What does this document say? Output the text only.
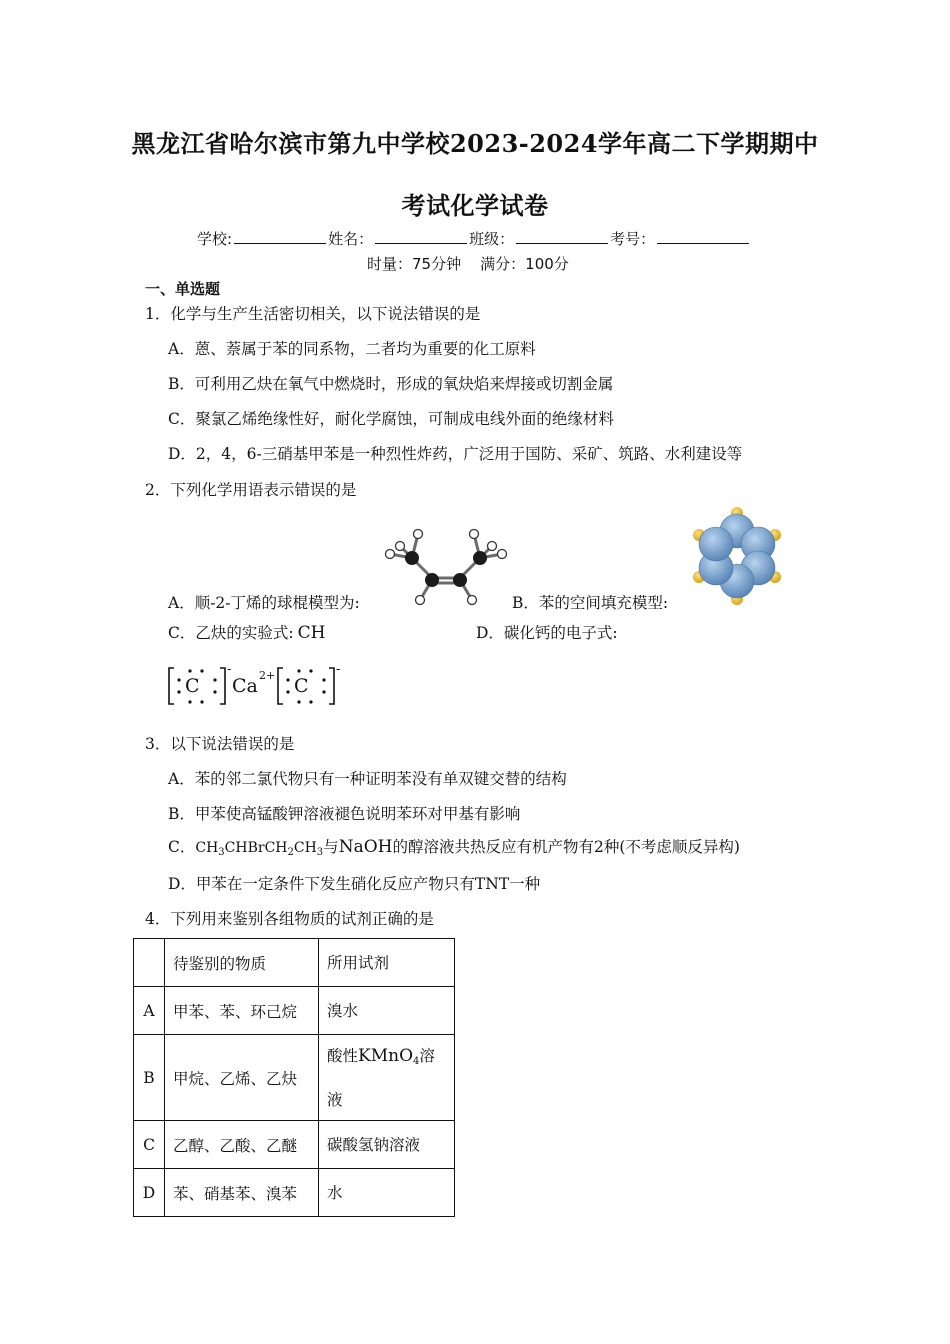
黑龙江省哈尔滨市第九中学校2023-2024学年高二下学期期中
考试化学试卷
学校:	姓名：	班级：	考号：
时量：75分钟    满分：100分
一、单选题
1．化学与生产生活密切相关，以下说法错误的是
A．蒽、萘属于苯的同系物，二者均为重要的化工原料
B．可利用乙炔在氧气中燃烧时，形成的氧炔焰来焊接或切割金属
C．聚氯乙烯绝缘性好，耐化学腐蚀，可制成电线外面的绝缘材料
D．2，4，6-三硝基甲苯是一种烈性炸药，广泛用于国防、采矿、筑路、水利建设等
2．下列化学用语表示错误的是
A．顺-2-丁烯的球棍模型为:	B．苯的空间填充模型:
C．乙炔的实验式: CH	D．碳化钙的电子式:
C
-
Ca 2+ C
-
3．以下说法错误的是
A．苯的邻二氯代物只有一种证明苯没有单双键交替的结构
B．甲苯使高锰酸钾溶液褪色说明苯环对甲基有影响
C．$CH_3CHBrCH_2CH_3$与NaOH的醇溶液共热反应有机产物有2种(不考虑顺反异构)
D．甲苯在一定条件下发生硝化反应产物只有TNT一种
4．下列用来鉴别各组物质的试剂正确的是
	待鉴别的物质	所用试剂
A	甲苯、苯、环己烷	溴水
B	甲烷、乙烯、乙炔	酸性KMnO$_4$溶液
C	乙醇、乙酸、乙醚	碳酸氢钠溶液
D	苯、硝基苯、溴苯	水
